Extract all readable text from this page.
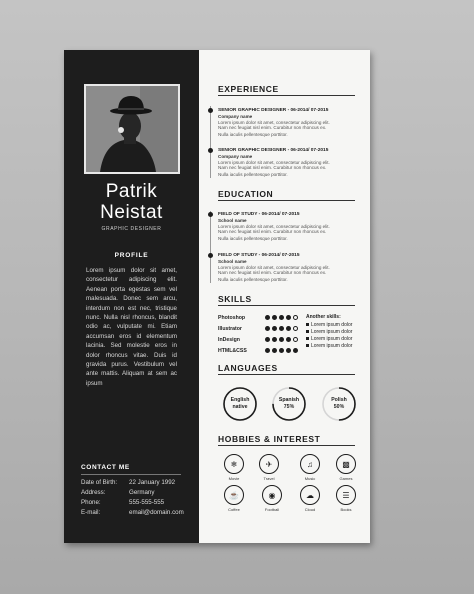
Patrik
Neistat
GRAPHIC DESIGNER
PROFILE
Lorem ipsum dolor sit amet, consectetur adipiscing elit. Aenean porta egestas sem vel malesuada. Donec sem arcu, interdum non est nec, tristique nunc. Nulla nisl rhoncus, blandit odio ac, vulputate mi. Etiam accumsan eros id elementum lacinia. Sed molestie eros in dolor rhoncus vitae. Duis id gravida purus. Vestibulum vel ante mattis. Aliquam at sem ac ipsum
CONTACT ME
Date of Birth: 22 January 1992
Address:	Germany
Phone:	555-555-555
E-mail:	email@domain.com
EXPERIENCE
SENIOR GRAPHIC DESIGNER - 06-2014/ 07-2015
Company name
Lorem ipsum dolor sit amet, consectetur adipiscing elit.
Nam nec feugiat nisl enim. Curabitur non rhoncus ex.
Nulla iaculis pellentesque porttitor.
SENIOR GRAPHIC DESIGNER - 06-2014/ 07-2015
Company name
Lorem ipsum dolor sit amet, consectetur adipiscing elit.
Nam nec feugiat nisl enim. Curabitur non rhoncus ex.
Nulla iaculis pellentesque porttitor.
EDUCATION
FIELD OF STUDY - 06-2014/ 07-2015
School name
Lorem ipsum dolor sit amet, consectetur adipiscing elit.
Nam nec feugiat nisl enim. Curabitur non rhoncus ex.
Nulla iaculis pellentesque porttitor.
FIELD OF STUDY - 06-2014/ 07-2015
School name
Lorem ipsum dolor sit amet, consectetur adipiscing elit.
Nam nec feugiat nisl enim. Curabitur non rhoncus ex.
Nulla iaculis pellentesque porttitor.
SKILLS
Photoshop
Illustrator
InDesign
HTML&CSS
Another skills:
Lorem ipsum dolor
Lorem ipsum dolor
Lorem ipsum dolor
Lorem ipsum dolor
LANGUAGES
English
native
Spanish
75%
Polish
50%
HOBBIES & INTEREST
❄
Movie
✈
Travel
♫
Music
▩
Games
☕
Coffee
◉
Football
☁
Cloud
☰
Books
